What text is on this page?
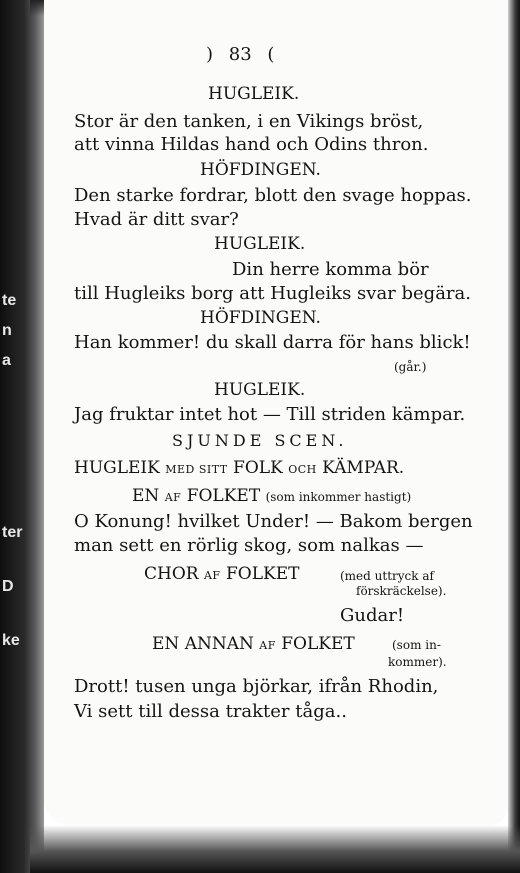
te
n
a
ter
D
ke
) 83 (
HUGLEIK.
Stor är den tanken, i en Vikings bröst,
att vinna Hildas hand och Odins thron.
HÖFDINGEN.
Den starke fordrar, blott den svage hoppas.
Hvad är ditt svar?
HUGLEIK.
Din herre komma bör
till Hugleiks borg att Hugleiks svar begära.
HÖFDINGEN.
Han kommer! du skall darra för hans blick!
(går.)
HUGLEIK.
Jag fruktar intet hot — Till striden kämpar.
SJUNDE SCEN.
HUGLEIK MED SITT FOLK OCH KÄMPAR.
EN AF FOLKET (som inkommer hastigt)
O Konung! hvilket Under! — Bakom bergen
man sett en rörlig skog, som nalkas —
CHOR AF FOLKET	(med uttryck af
förskräckelse).
Gudar!
EN ANNAN AF FOLKET	(som in-
kommer).
Drott! tusen unga björkar, ifrån Rhodin,
Vi sett till dessa trakter tåga..
